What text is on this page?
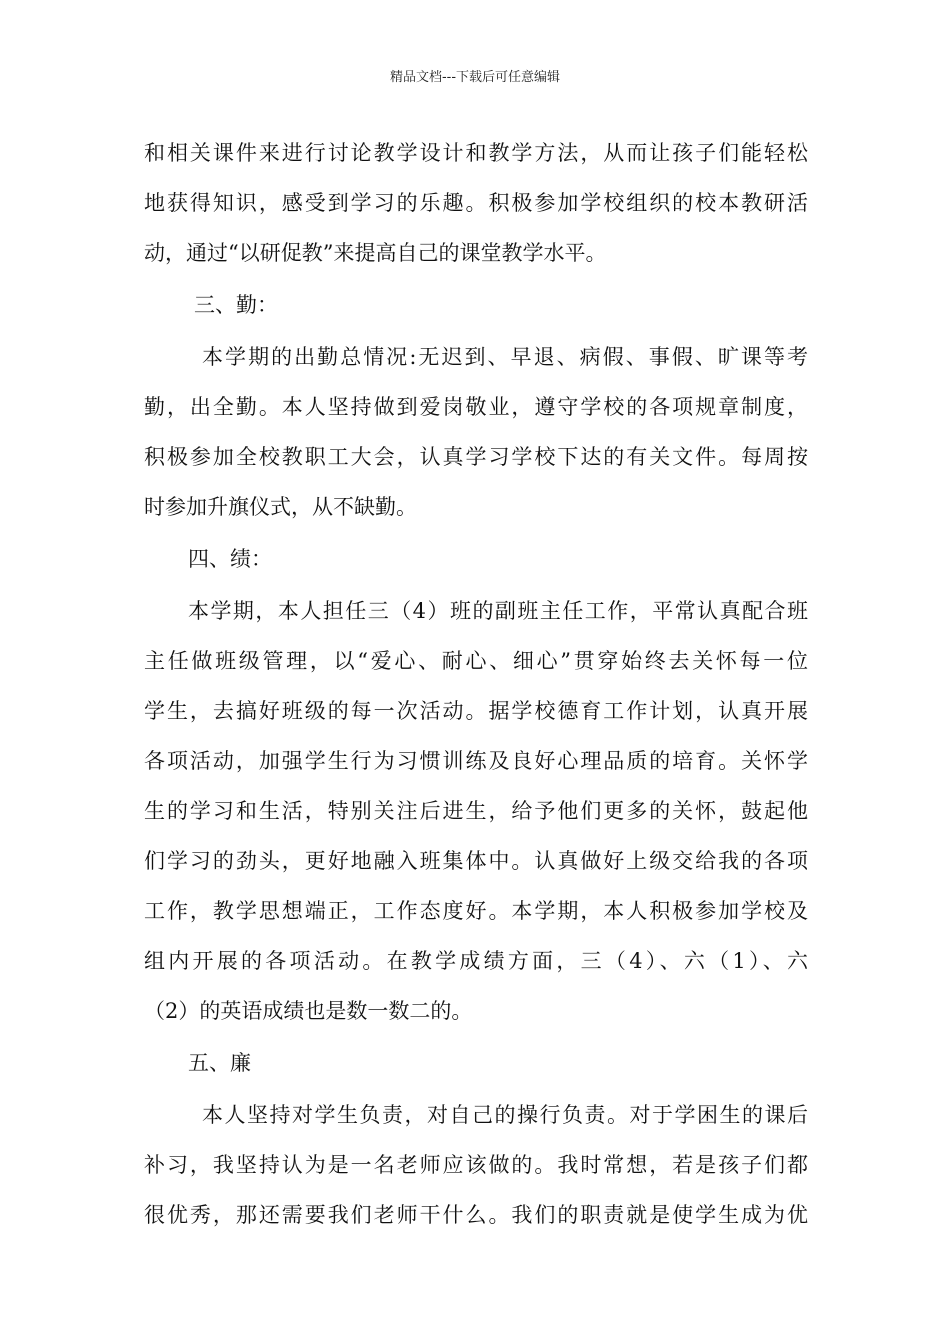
精品文档---下载后可任意编辑
和相关课件来进行讨论教学设计和教学方法，从而让孩子们能轻松
地获得知识，感受到学习的乐趣。积极参加学校组织的校本教研活
动，通过“以研促教”来提高自己的课堂教学水平。
三、勤：
本学期的出勤总情况:无迟到、早退、病假、事假、旷课等考
勤，出全勤。本人坚持做到爱岗敬业，遵守学校的各项规章制度，
积极参加全校教职工大会，认真学习学校下达的有关文件。每周按
时参加升旗仪式，从不缺勤。
四、绩：
本学期，本人担任三（4）班的副班主任工作，平常认真配合班
主任做班级管理，以“爱心、耐心、细心”贯穿始终去关怀每一位
学生，去搞好班级的每一次活动。据学校德育工作计划，认真开展
各项活动，加强学生行为习惯训练及良好心理品质的培育。关怀学
生的学习和生活，特别关注后进生，给予他们更多的关怀，鼓起他
们学习的劲头，更好地融入班集体中。认真做好上级交给我的各项
工作，教学思想端正，工作态度好。本学期，本人积极参加学校及
组内开展的各项活动。在教学成绩方面，三（4）、六（1）、六
（2）的英语成绩也是数一数二的。
五、廉
本人坚持对学生负责，对自己的操行负责。对于学困生的课后
补习，我坚持认为是一名老师应该做的。我时常想，若是孩子们都
很优秀，那还需要我们老师干什么。我们的职责就是使学生成为优
